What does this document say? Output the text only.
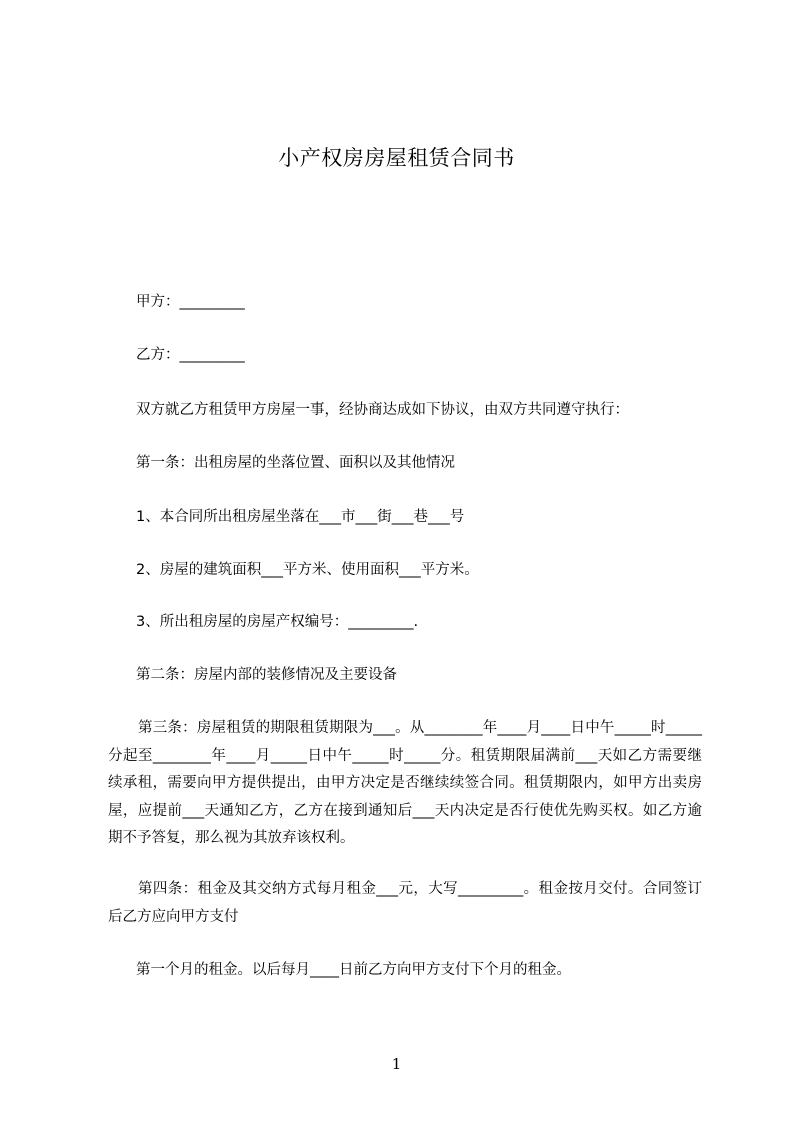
小产权房房屋租赁合同书
甲方：_________
乙方：_________
双方就乙方租赁甲方房屋一事，经协商达成如下协议，由双方共同遵守执行：
第一条：出租房屋的坐落位置、面积以及其他情况
1、本合同所出租房屋坐落在___市___街___巷___号
2、房屋的建筑面积___平方米、使用面积___平方米。
3、所出租房屋的房屋产权编号：_________.
第二条：房屋内部的装修情况及主要设备
第三条：房屋租赁的期限租赁期限为___。从________年____月____日中午_____时_____分起至________年____月_____日中午_____时_____分。租赁期限届满前___天如乙方需要继续承租，需要向甲方提供提出，由甲方决定是否继续续签合同。租赁期限内，如甲方出卖房屋，应提前___天通知乙方，乙方在接到通知后___天内决定是否行使优先购买权。如乙方逾期不予答复，那么视为其放弃该权利。
第四条：租金及其交纳方式每月租金___元，大写_________。租金按月交付。合同签订后乙方应向甲方支付
第一个月的租金。以后每月____日前乙方向甲方支付下个月的租金。
1
